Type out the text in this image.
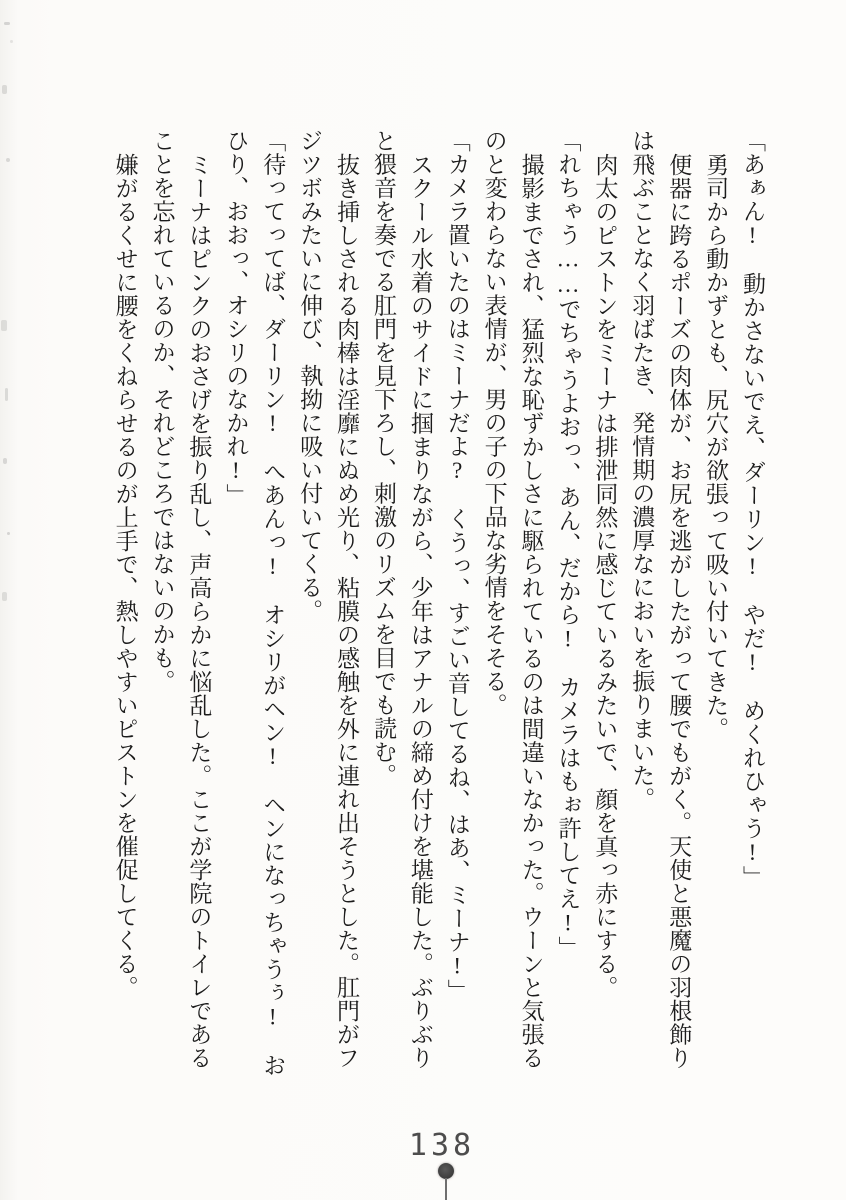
「あぁん!　動かさないでえ、ダーリン!　やだ!　めくれひゃう!」
勇司から動かずとも、尻穴が欲張って吸い付いてきた。
便器に跨るポーズの肉体が、お尻を逃がしたがって腰でもがく。天使と悪魔の羽根飾り
は飛ぶことなく羽ばたき、発情期の濃厚なにおいを振りまいた。
肉太のピストンをミーナは排泄同然に感じているみたいで、顔を真っ赤にする。
「れちゃう……でちゃうよおっ、あん、だから!　カメラはもぉ許してえ!」
撮影までされ、猛烈な恥ずかしさに駆られているのは間違いなかった。ウーンと気張る
のと変わらない表情が、男の子の下品な劣情をそそる。
「カメラ置いたのはミーナだよ?　くうっ、すごい音してるね、はあ、ミーナ!」
スクール水着のサイドに掴まりながら、少年はアナルの締め付けを堪能した。ぶりぶり
と猥音を奏でる肛門を見下ろし、刺激のリズムを目でも読む。
抜き挿しされる肉棒は淫靡にぬめ光り、粘膜の感触を外に連れ出そうとした。肛門がフ
ジツボみたいに伸び、執拗に吸い付いてくる。
「待ってってば、ダーリン!　へあんっ!　オシリがヘン!　ヘンになっちゃうぅ!　お
ひり、おおっ、オシリのなかれ!」
ミーナはピンクのおさげを振り乱し、声高らかに悩乱した。ここが学院のトイレである
ことを忘れているのか、それどころではないのかも。
嫌がるくせに腰をくねらせるのが上手で、熱しやすいピストンを催促してくる。
138
